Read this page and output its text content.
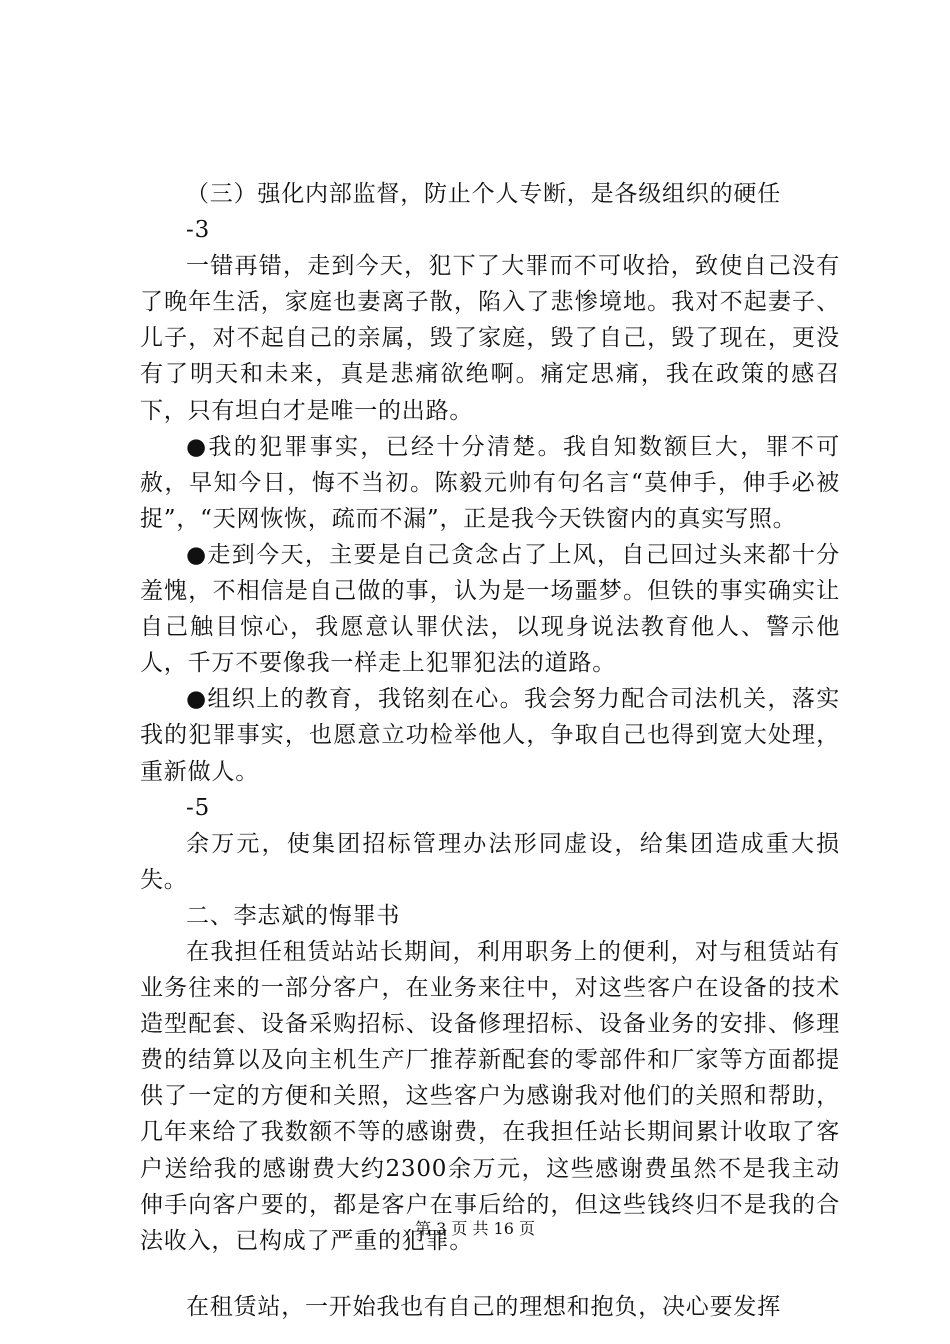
（三）强化内部监督，防止个人专断，是各级组织的硬任

-3

一错再错，走到今天，犯下了大罪而不可收拾，致使自己没有了晚年生活，家庭也妻离子散，陷入了悲惨境地。我对不起妻子、儿子，对不起自己的亲属，毁了家庭，毁了自己，毁了现在，更没有了明天和未来，真是悲痛欲绝啊。痛定思痛，我在政策的感召下，只有坦白才是唯一的出路。

●我的犯罪事实，已经十分清楚。我自知数额巨大，罪不可赦，早知今日，悔不当初。陈毅元帅有句名言“莫伸手，伸手必被捉”，“天网恢恢，疏而不漏”，正是我今天铁窗内的真实写照。

●走到今天，主要是自己贪念占了上风，自己回过头来都十分羞愧，不相信是自己做的事，认为是一场噩梦。但铁的事实确实让自己触目惊心，我愿意认罪伏法，以现身说法教育他人、警示他人，千万不要像我一样走上犯罪犯法的道路。

●组织上的教育，我铭刻在心。我会努力配合司法机关，落实我的犯罪事实，也愿意立功检举他人，争取自己也得到宽大处理，重新做人。

-5

余万元，使集团招标管理办法形同虚设，给集团造成重大损失。

二、李志斌的悔罪书

在我担任租赁站站长期间，利用职务上的便利，对与租赁站有业务往来的一部分客户，在业务来往中，对这些客户在设备的技术造型配套、设备采购招标、设备修理招标、设备业务的安排、修理费的结算以及向主机生产厂推荐新配套的零部件和厂家等方面都提供了一定的方便和关照，这些客户为感谢我对他们的关照和帮助，几年来给了我数额不等的感谢费，在我担任站长期间累计收取了客户送给我的感谢费大约2300余万元，这些感谢费虽然不是我主动伸手向客户要的，都是客户在事后给的，但这些钱终归不是我的合法收入，已构成了严重的犯罪。

在租赁站，一开始我也有自己的理想和抱负，决心要发挥

第 3 页 共 16 页
